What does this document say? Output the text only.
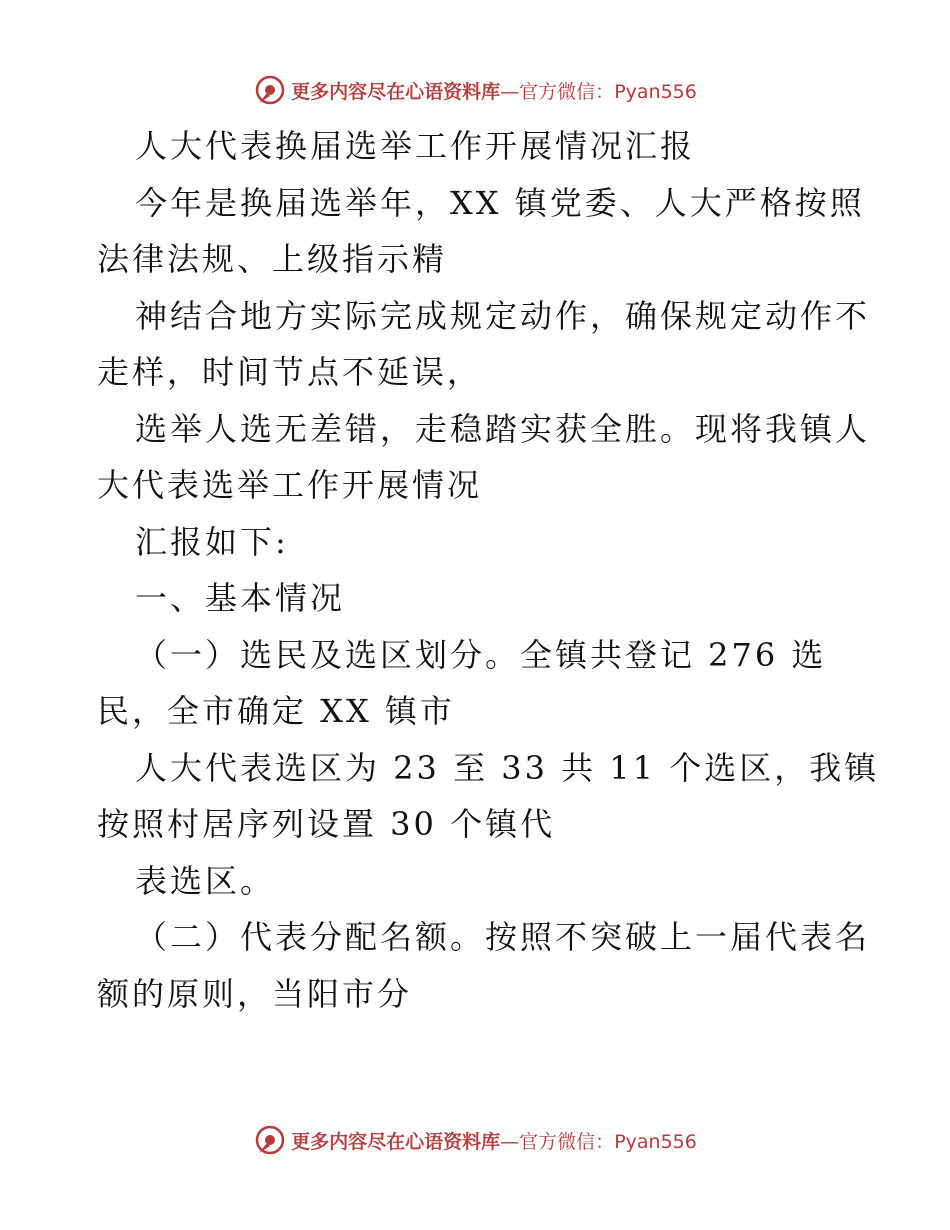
更多内容尽在心语资料库—官方微信：Pyan556
人大代表换届选举工作开展情况汇报
今年是换届选举年，XX 镇党委、人大严格按照
法律法规、上级指示精
神结合地方实际完成规定动作，确保规定动作不
走样，时间节点不延误，
选举人选无差错，走稳踏实获全胜。现将我镇人
大代表选举工作开展情况
汇报如下:
一、基本情况
（一）选民及选区划分。全镇共登记 276 选
民，全市确定 XX 镇市
人大代表选区为 23 至 33 共 11 个选区，我镇
按照村居序列设置 30 个镇代
表选区。
（二）代表分配名额。按照不突破上一届代表名
额的原则，当阳市分
更多内容尽在心语资料库—官方微信：Pyan556
